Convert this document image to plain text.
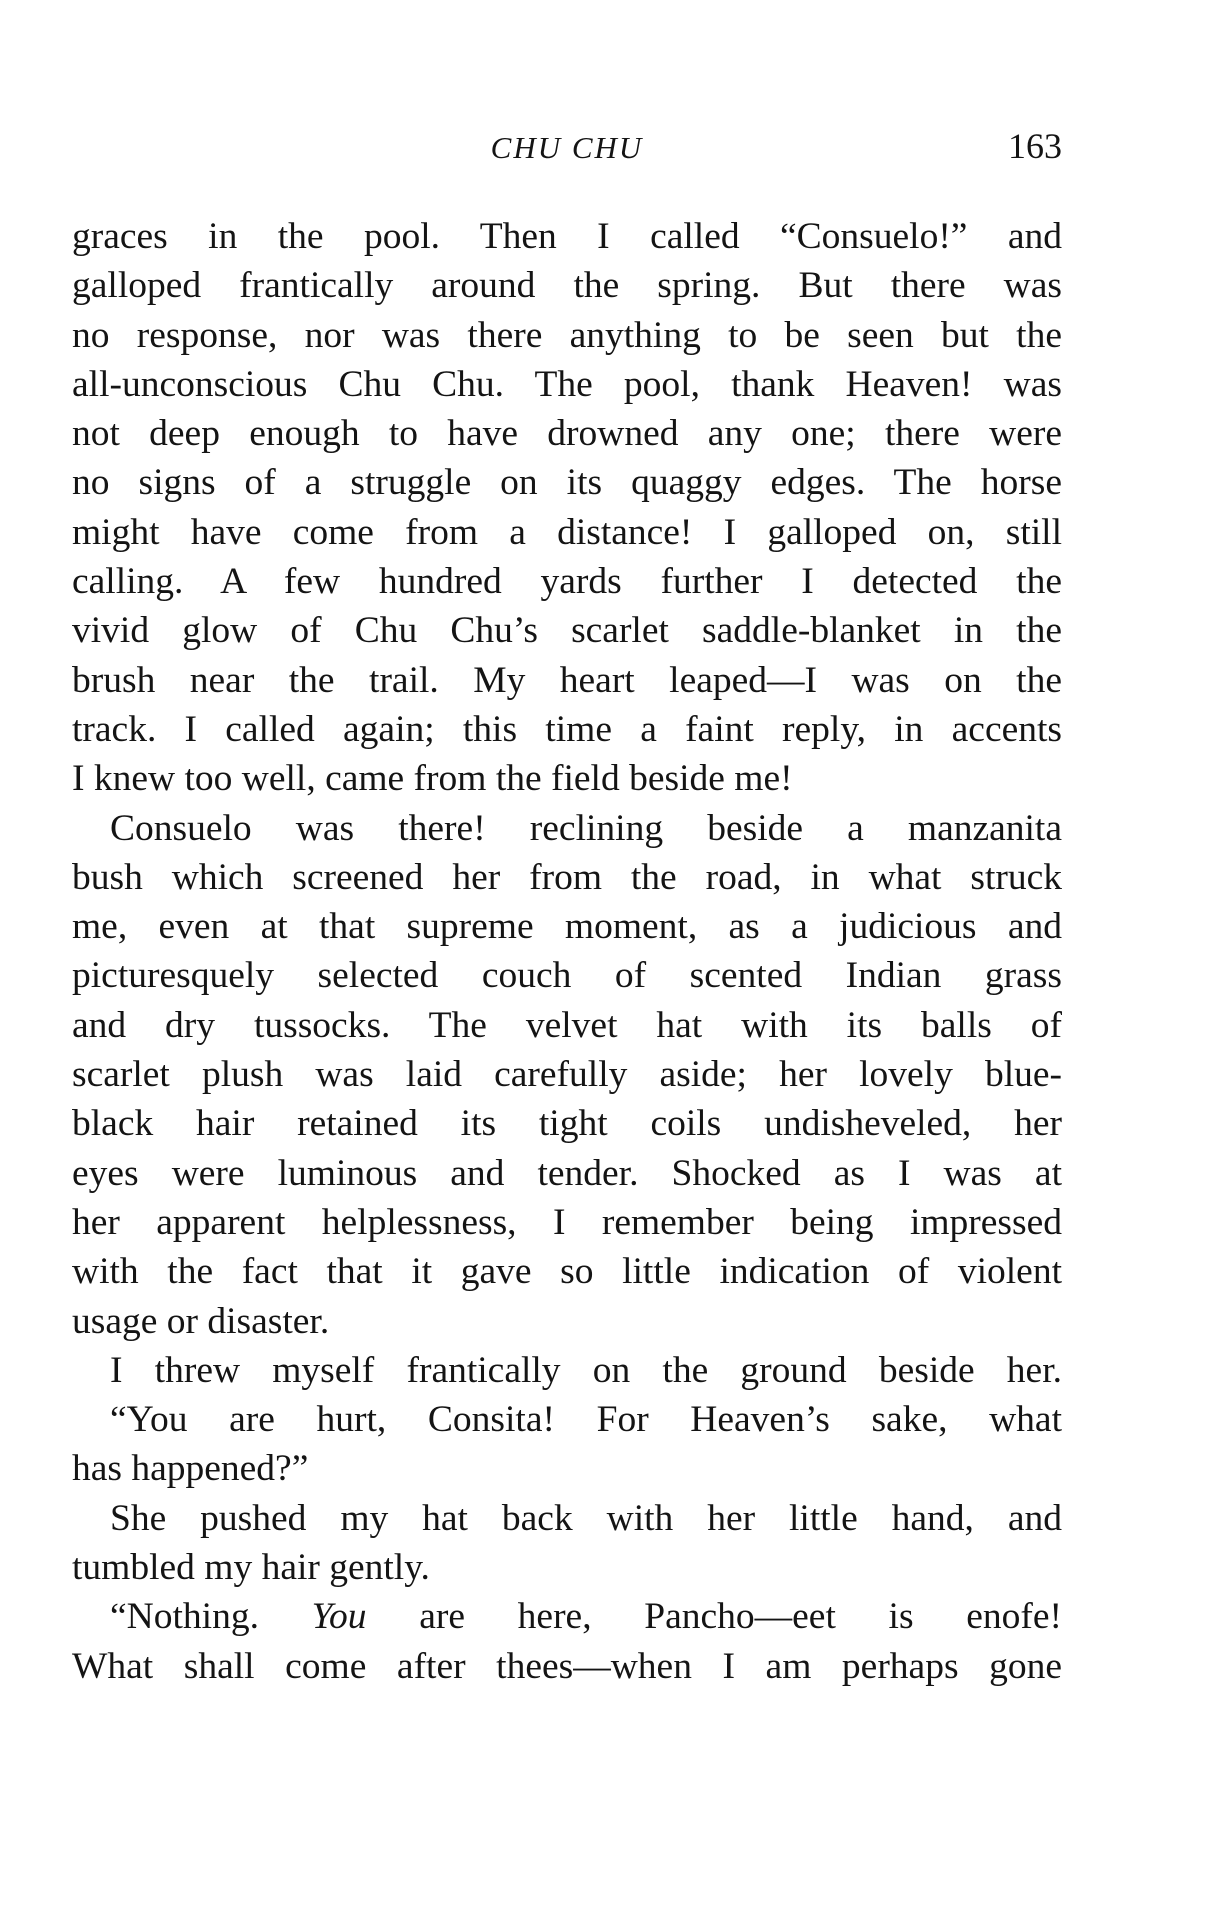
CHU CHU	163
graces in the pool. Then I called “Consuelo!” and
galloped frantically around the spring. But there was
no response, nor was there anything to be seen but the
all-unconscious Chu Chu. The pool, thank Heaven! was
not deep enough to have drowned any one; there were
no signs of a struggle on its quaggy edges. The horse
might have come from a distance! I galloped on, still
calling. A few hundred yards further I detected the
vivid glow of Chu Chu’s scarlet saddle-blanket in the
brush near the trail. My heart leaped—I was on the
track. I called again; this time a faint reply, in accents
I knew too well, came from the field beside me!
Consuelo was there! reclining beside a manzanita
bush which screened her from the road, in what struck
me, even at that supreme moment, as a judicious and
picturesquely selected couch of scented Indian grass
and dry tussocks. The velvet hat with its balls of
scarlet plush was laid carefully aside; her lovely blue-
black hair retained its tight coils undisheveled, her
eyes were luminous and tender. Shocked as I was at
her apparent helplessness, I remember being impressed
with the fact that it gave so little indication of violent
usage or disaster.
I threw myself frantically on the ground beside her.
“You are hurt, Consita! For Heaven’s sake, what
has happened?”
She pushed my hat back with her little hand, and
tumbled my hair gently.
“Nothing. You are here, Pancho—eet is enofe!
What shall come after thees—when I am perhaps gone
